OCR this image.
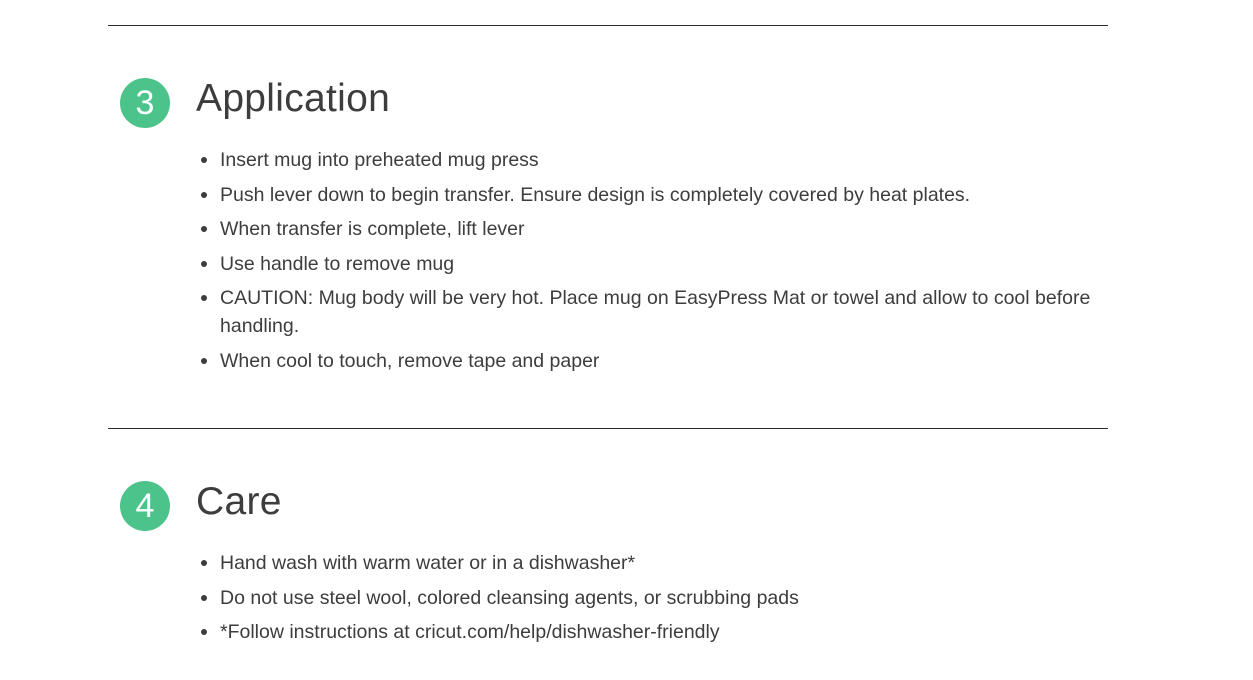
3	Application
Insert mug into preheated mug press
Push lever down to begin transfer. Ensure design is completely covered by heat plates.
When transfer is complete, lift lever
Use handle to remove mug
CAUTION: Mug body will be very hot. Place mug on EasyPress Mat or towel and allow to cool before handling.
When cool to touch, remove tape and paper
4	Care
Hand wash with warm water or in a dishwasher*
Do not use steel wool, colored cleansing agents, or scrubbing pads
*Follow instructions at cricut.com/help/dishwasher-friendly
